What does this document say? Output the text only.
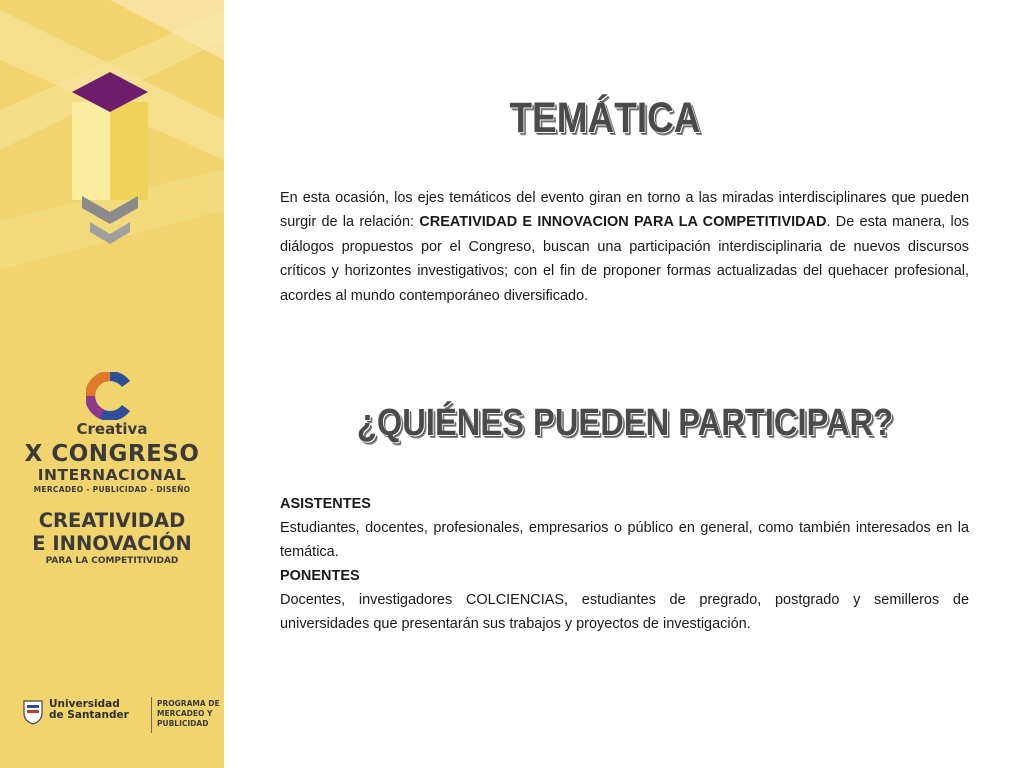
Creativa
X CONGRESO
INTERNACIONAL
MERCADEO - PUBLICIDAD - DISEÑO
CREATIVIDAD
E INNOVACIÓN
PARA LA COMPETITIVIDAD
Universidad
de Santander
PROGRAMA DE
MERCADEO Y
PUBLICIDAD
TEMÁTICA

En esta ocasión, los ejes temáticos del evento giran en torno a las miradas interdisciplinares que pueden surgir de la relación: CREATIVIDAD E INNOVACION PARA LA COMPETITIVIDAD. De esta manera, los diálogos propuestos por el Congreso, buscan una participación interdisciplinaria de nuevos discursos críticos y horizontes investigativos; con el fin de proponer formas actualizadas del quehacer profesional, acordes al mundo contemporáneo diversificado.

¿QUIÉNES PUEDEN PARTICIPAR?

ASISTENTES

Estudiantes, docentes, profesionales, empresarios o público en general, como también interesados en la temática.

PONENTES

Docentes, investigadores COLCIENCIAS, estudiantes de pregrado, postgrado y semilleros de universidades que presentarán sus trabajos y proyectos de investigación.
